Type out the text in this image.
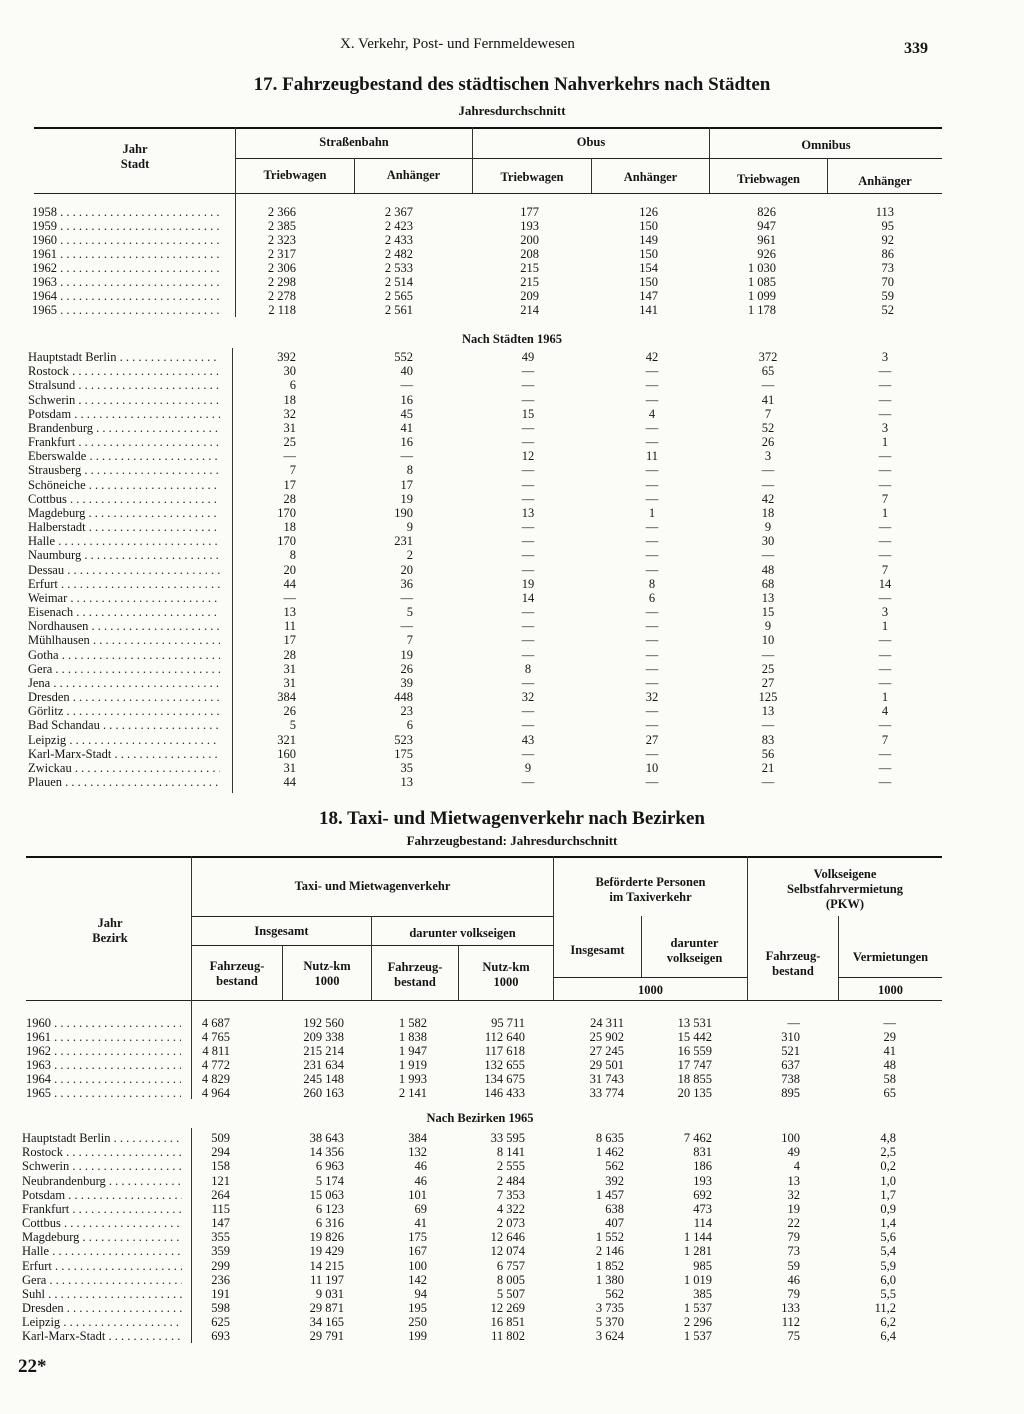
X. Verkehr, Post- und Fernmeldewesen	339
17. Fahrzeugbestand des städtischen Nahverkehrs nach Städten
Jahresdurchschnitt
Jahr
Stadt
Straßenbahn	Obus	Omnibus
Triebwagen	Anhänger	Triebwagen	Anhänger	Triebwagen	Anhänger
1958 . . .	2 366	2 367	177	126	826	113
1959 . . .	2 385	2 423	193	150	947	95
1960 . . .	2 323	2 433	200	149	961	92
1961 . . .	2 317	2 482	208	150	926	86
1962 . . .	2 306	2 533	215	154	1 030	73
1963 . . .	2 298	2 514	215	150	1 085	70
1964 . . .	2 278	2 565	209	147	1 099	59
1965 . . .	2 118	2 561	214	141	1 178	52
Nach Städten 1965
Hauptstadt Berlin . . .	392	552	49	42	372	3
Rostock . . .	30	40	—	—	65	—
Stralsund . . .	6	—	—	—	—	—
Schwerin . . .	18	16	—	—	41	—
Potsdam . . .	32	45	15	4	7	—
Brandenburg . . .	31	41	—	—	52	3
Frankfurt . . .	25	16	—	—	26	1
Eberswalde . . .	—	—	12	11	3	—
Strausberg . . .	7	8	—	—	—	—
Schöneiche . . .	17	17	—	—	—	—
Cottbus . . .	28	19	—	—	42	7
Magdeburg . . .	170	190	13	1	18	1
Halberstadt . . .	18	9	—	—	9	—
Halle . . .	170	231	—	—	30	—
Naumburg . . .	8	2	—	—	—	—
Dessau . . .	20	20	—	—	48	7
Erfurt . . .	44	36	19	8	68	14
Weimar . . .	—	—	14	6	13	—
Eisenach . . .	13	5	—	—	15	3
Nordhausen . . .	11	—	—	—	9	1
Mühlhausen . . .	17	7	—	—	10	—
Gotha . . .	28	19	—	—	—	—
Gera . . .	31	26	8	—	25	—
Jena . . .	31	39	—	—	27	—
Dresden . . .	384	448	32	32	125	1
Görlitz . . .	26	23	—	—	13	4
Bad Schandau . . .	5	6	—	—	—	—
Leipzig . . .	321	523	43	27	83	7
Karl-Marx-Stadt . . .	160	175	—	—	56	—
Zwickau . . .	31	35	9	10	21	—
Plauen . . .	44	13	—	—	—	—
18. Taxi- und Mietwagenverkehr nach Bezirken
Fahrzeugbestand: Jahresdurchschnitt
Jahr
Bezirk
Taxi- und Mietwagenverkehr
Insgesamt	darunter volkseigen
Fahrzeug-
bestand
Nutz-km
1000
Fahrzeug-
bestand
Nutz-km
1000
Beförderte Personen
im Taxiverkehr
Insgesamt	darunter
volkseigen
1000
Volkseigene
Selbstfahrvermietung
(PKW)
Fahrzeug-
bestand
Vermietungen
1000
1960 . . .	4 687	192 560	1 582	95 711	24 311	13 531	—	—
1961 . . .	4 765	209 338	1 838	112 640	25 902	15 442	310	29
1962 . . .	4 811	215 214	1 947	117 618	27 245	16 559	521	41
1963 . . .	4 772	231 634	1 919	132 655	29 501	17 747	637	48
1964 . . .	4 829	245 148	1 993	134 675	31 743	18 855	738	58
1965 . . .	4 964	260 163	2 141	146 433	33 774	20 135	895	65
Nach Bezirken 1965
Hauptstadt Berlin . . .	509	38 643	384	33 595	8 635	7 462	100	4,8
Rostock . . .	294	14 356	132	8 141	1 462	831	49	2,5
Schwerin . . .	158	6 963	46	2 555	562	186	4	0,2
Neubrandenburg . . .	121	5 174	46	2 484	392	193	13	1,0
Potsdam . . .	264	15 063	101	7 353	1 457	692	32	1,7
Frankfurt . . .	115	6 123	69	4 322	638	473	19	0,9
Cottbus . . .	147	6 316	41	2 073	407	114	22	1,4
Magdeburg . . .	355	19 826	175	12 646	1 552	1 144	79	5,6
Halle . . .	359	19 429	167	12 074	2 146	1 281	73	5,4
Erfurt . . .	299	14 215	100	6 757	1 852	985	59	5,9
Gera . . .	236	11 197	142	8 005	1 380	1 019	46	6,0
Suhl . . .	191	9 031	94	5 507	562	385	79	5,5
Dresden . . .	598	29 871	195	12 269	3 735	1 537	133	11,2
Leipzig . . .	625	34 165	250	16 851	5 370	2 296	112	6,2
Karl-Marx-Stadt . . .	693	29 791	199	11 802	3 624	1 537	75	6,4
22*
